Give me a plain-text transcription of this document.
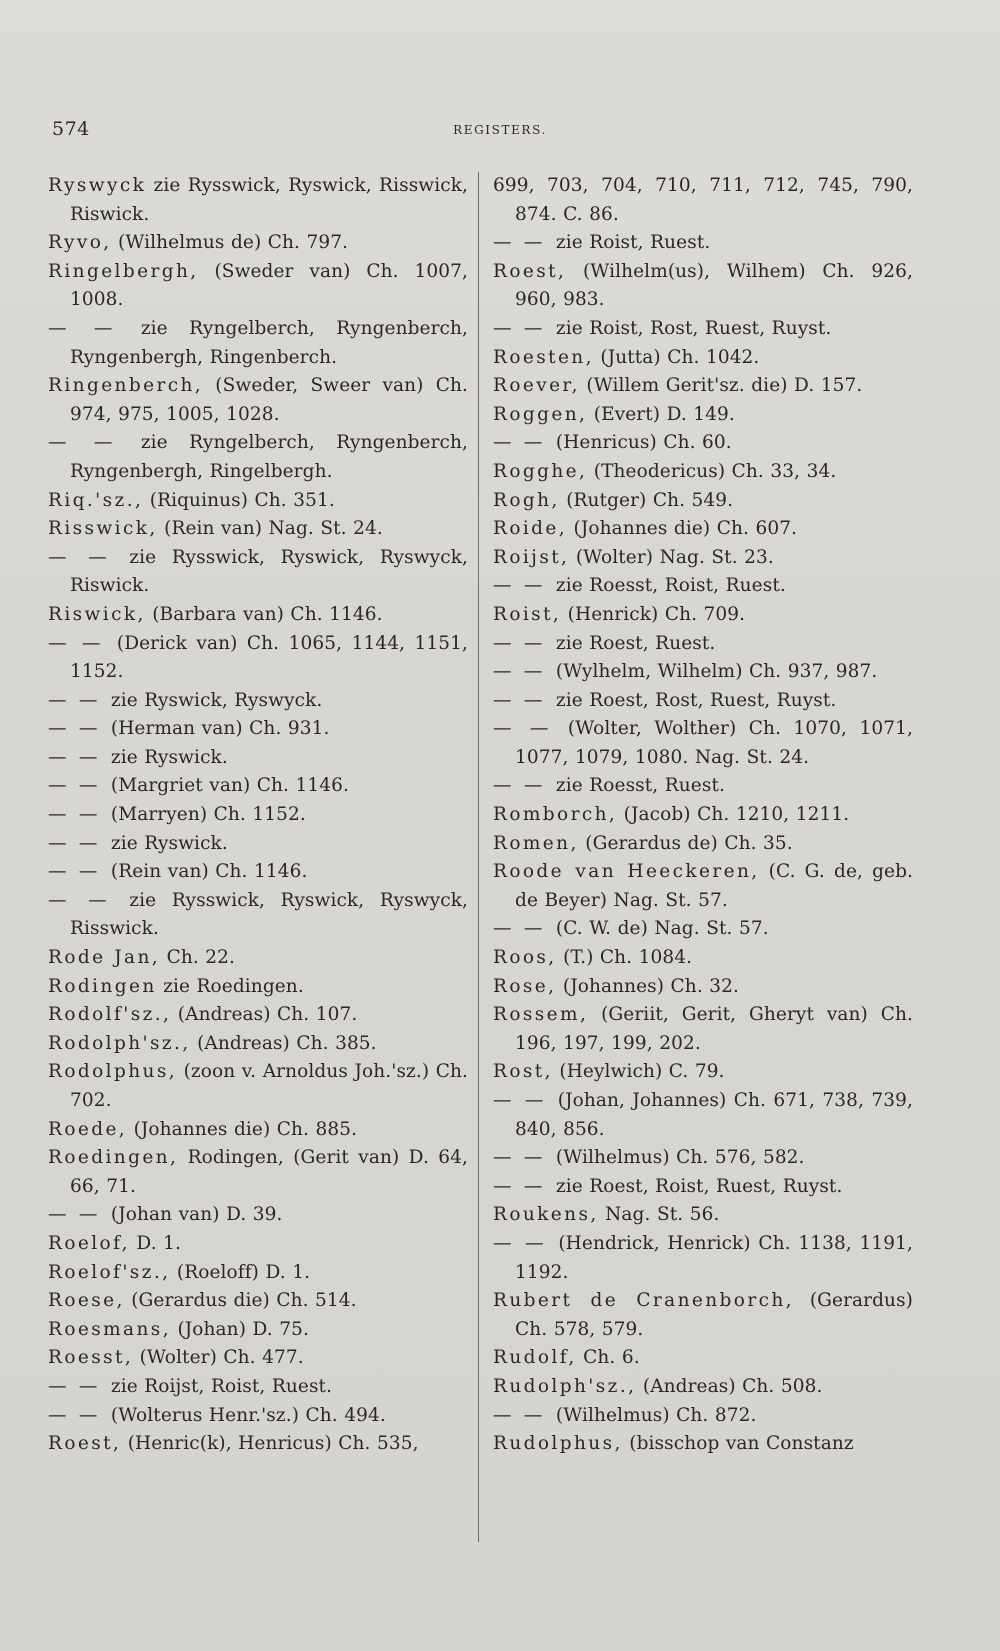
574	REGISTERS.
Ryswyck zie Rysswick, Ryswick, Risswick, Riswick.
Ryvo, (Wilhelmus de) Ch. 797.
Ringelbergh, (Sweder van) Ch. 1007, 1008.
— — zie Ryngelberch, Ryngenberch, Ryngenbergh, Ringenberch.
Ringenberch, (Sweder, Sweer van) Ch. 974, 975, 1005, 1028.
— — zie Ryngelberch, Ryngenberch, Ryngenbergh, Ringelbergh.
Riq.'sz., (Riquinus) Ch. 351.
Risswick, (Rein van) Nag. St. 24.
— — zie Rysswick, Ryswick, Ryswyck, Riswick.
Riswick, (Barbara van) Ch. 1146.
— — (Derick van) Ch. 1065, 1144, 1151, 1152.
— — zie Ryswick, Ryswyck.
— — (Herman van) Ch. 931.
— — zie Ryswick.
— — (Margriet van) Ch. 1146.
— — (Marryen) Ch. 1152.
— — zie Ryswick.
— — (Rein van) Ch. 1146.
— — zie Rysswick, Ryswick, Ryswyck, Risswick.
Rode Jan, Ch. 22.
Rodingen zie Roedingen.
Rodolf'sz., (Andreas) Ch. 107.
Rodolph'sz., (Andreas) Ch. 385.
Rodolphus, (zoon v. Arnoldus Joh.'sz.) Ch. 702.
Roede, (Johannes die) Ch. 885.
Roedingen, Rodingen, (Gerit van) D. 64, 66, 71.
— — (Johan van) D. 39.
Roelof, D. 1.
Roelof'sz., (Roeloff) D. 1.
Roese, (Gerardus die) Ch. 514.
Roesmans, (Johan) D. 75.
Roesst, (Wolter) Ch. 477.
— — zie Roijst, Roist, Ruest.
— — (Wolterus Henr.'sz.) Ch. 494.
Roest, (Henric(k), Henricus) Ch. 535,
699, 703, 704, 710, 711, 712, 745, 790, 874. C. 86.
— — zie Roist, Ruest.
Roest, (Wilhelm(us), Wilhem) Ch. 926, 960, 983.
— — zie Roist, Rost, Ruest, Ruyst.
Roesten, (Jutta) Ch. 1042.
Roever, (Willem Gerit'sz. die) D. 157.
Roggen, (Evert) D. 149.
— — (Henricus) Ch. 60.
Rogghe, (Theodericus) Ch. 33, 34.
Rogh, (Rutger) Ch. 549.
Roide, (Johannes die) Ch. 607.
Roijst, (Wolter) Nag. St. 23.
— — zie Roesst, Roist, Ruest.
Roist, (Henrick) Ch. 709.
— — zie Roest, Ruest.
— — (Wylhelm, Wilhelm) Ch. 937, 987.
— — zie Roest, Rost, Ruest, Ruyst.
— — (Wolter, Wolther) Ch. 1070, 1071, 1077, 1079, 1080. Nag. St. 24.
— — zie Roesst, Ruest.
Romborch, (Jacob) Ch. 1210, 1211.
Romen, (Gerardus de) Ch. 35.
Roode van Heeckeren, (C. G. de, geb. de Beyer) Nag. St. 57.
— — (C. W. de) Nag. St. 57.
Roos, (T.) Ch. 1084.
Rose, (Johannes) Ch. 32.
Rossem, (Geriit, Gerit, Gheryt van) Ch. 196, 197, 199, 202.
Rost, (Heylwich) C. 79.
— — (Johan, Johannes) Ch. 671, 738, 739, 840, 856.
— — (Wilhelmus) Ch. 576, 582.
— — zie Roest, Roist, Ruest, Ruyst.
Roukens, Nag. St. 56.
— — (Hendrick, Henrick) Ch. 1138, 1191, 1192.
Rubert de Cranenborch, (Gerardus) Ch. 578, 579.
Rudolf, Ch. 6.
Rudolph'sz., (Andreas) Ch. 508.
— — (Wilhelmus) Ch. 872.
Rudolphus, (bisschop van Constanz
